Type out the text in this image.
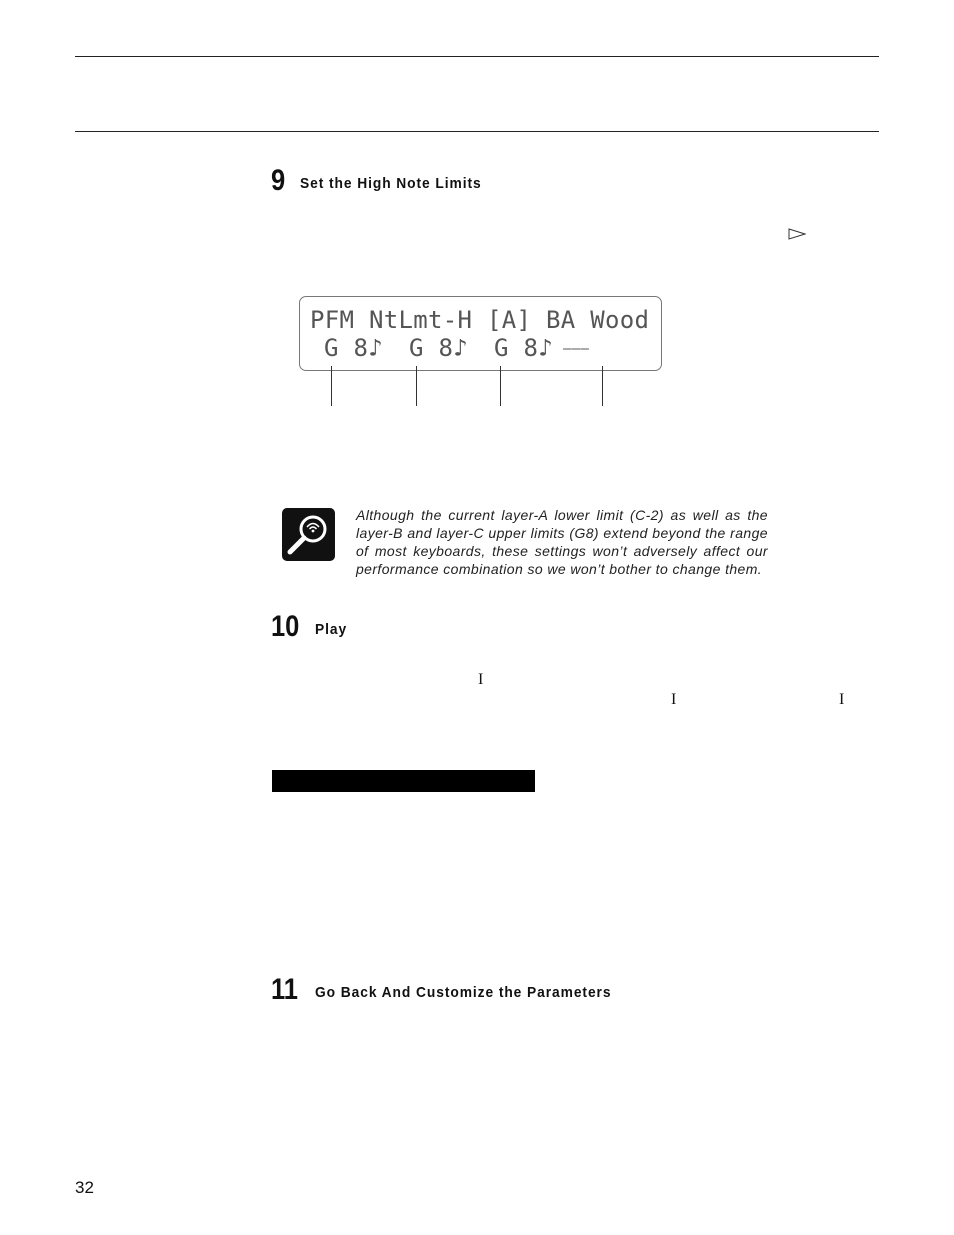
9 Set the High Note Limits
PFM NtLmt-H [A] BA Wood
G 8♪ G 8♪ G 8♪ ———
Although the current layer-A lower limit (C-2) as well as the layer-B and layer-C upper limits (G8) extend beyond the range of most keyboards, these settings won’t adversely affect our performance combination so we won’t bother to change them.
10 Play
I
I	I
11 Go Back And Customize the Parameters
32
